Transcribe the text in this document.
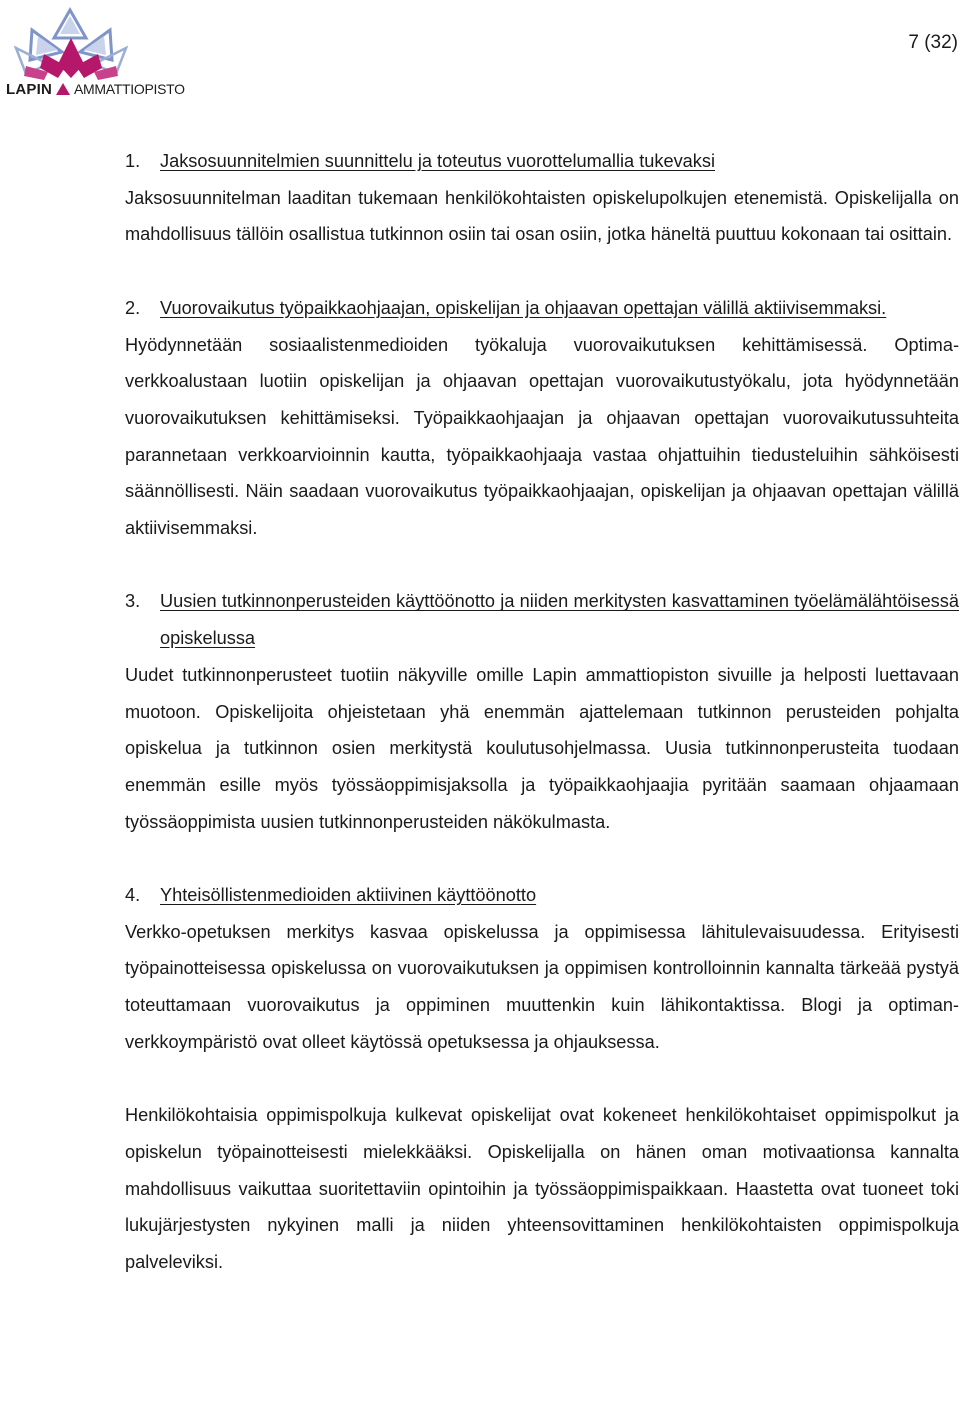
LAPIN AMMATTIOPISTO
7 (32)
1. Jaksosuunnitelmien suunnittelu ja toteutus vuorottelumallia tukevaksi

Jaksosuunnitelman laaditan tukemaan henkilökohtaisten opiskelupolkujen etenemistä. Opiskelijalla on mahdollisuus tällöin osallistua tutkinnon osiin tai osan osiin, jotka häneltä puuttuu kokonaan tai osittain.

2. Vuorovaikutus työpaikkaohjaajan, opiskelijan ja ohjaavan opettajan välillä aktiivisemmaksi.

Hyödynnetään sosiaalistenmedioiden työkaluja vuorovaikutuksen kehittämisessä. Optima-verkkoalustaan luotiin opiskelijan ja ohjaavan opettajan vuorovaikutustyökalu, jota hyödynnetään vuorovaikutuksen kehittämiseksi. Työpaikkaohjaajan ja ohjaavan opettajan vuorovaikutussuhteita parannetaan verkkoarvioinnin kautta, työpaikkaohjaaja vastaa ohjattuihin tiedusteluihin sähköisesti säännöllisesti. Näin saadaan vuorovaikutus työpaikkaohjaajan, opiskelijan ja ohjaavan opettajan välillä aktiivisemmaksi.

3. Uusien tutkinnonperusteiden käyttöönotto ja niiden merkitysten kasvattaminen työelämälähtöisessä opiskelussa

Uudet tutkinnonperusteet tuotiin näkyville omille Lapin ammattiopiston sivuille ja helposti luettavaan muotoon. Opiskelijoita ohjeistetaan yhä enemmän ajattelemaan tutkinnon perusteiden pohjalta opiskelua ja tutkinnon osien merkitystä koulutusohjelmassa. Uusia tutkinnonperusteita tuodaan enemmän esille myös työssäoppimisjaksolla ja työpaikkaohjaajia pyritään saamaan ohjaamaan työssäoppimista uusien tutkinnonperusteiden näkökulmasta.

4. Yhteisöllistenmedioiden aktiivinen käyttöönotto

Verkko-opetuksen merkitys kasvaa opiskelussa ja oppimisessa lähitulevaisuudessa. Erityisesti työpainotteisessa opiskelussa on vuorovaikutuksen ja oppimisen kontrolloinnin kannalta tärkeää pystyä toteuttamaan vuorovaikutus ja oppiminen muuttenkin kuin lähikontaktissa. Blogi ja optiman-verkkoympäristö ovat olleet käytössä opetuksessa ja ohjauksessa.

Henkilökohtaisia oppimispolkuja kulkevat opiskelijat ovat kokeneet henkilökohtaiset oppimispolkut ja opiskelun työpainotteisesti mielekkääksi. Opiskelijalla on hänen oman motivaationsa kannalta mahdollisuus vaikuttaa suoritettaviin opintoihin ja työssäoppimispaikkaan. Haastetta ovat tuoneet toki lukujärjestysten nykyinen malli ja niiden yhteensovittaminen henkilökohtaisten oppimispolkuja palveleviksi.
